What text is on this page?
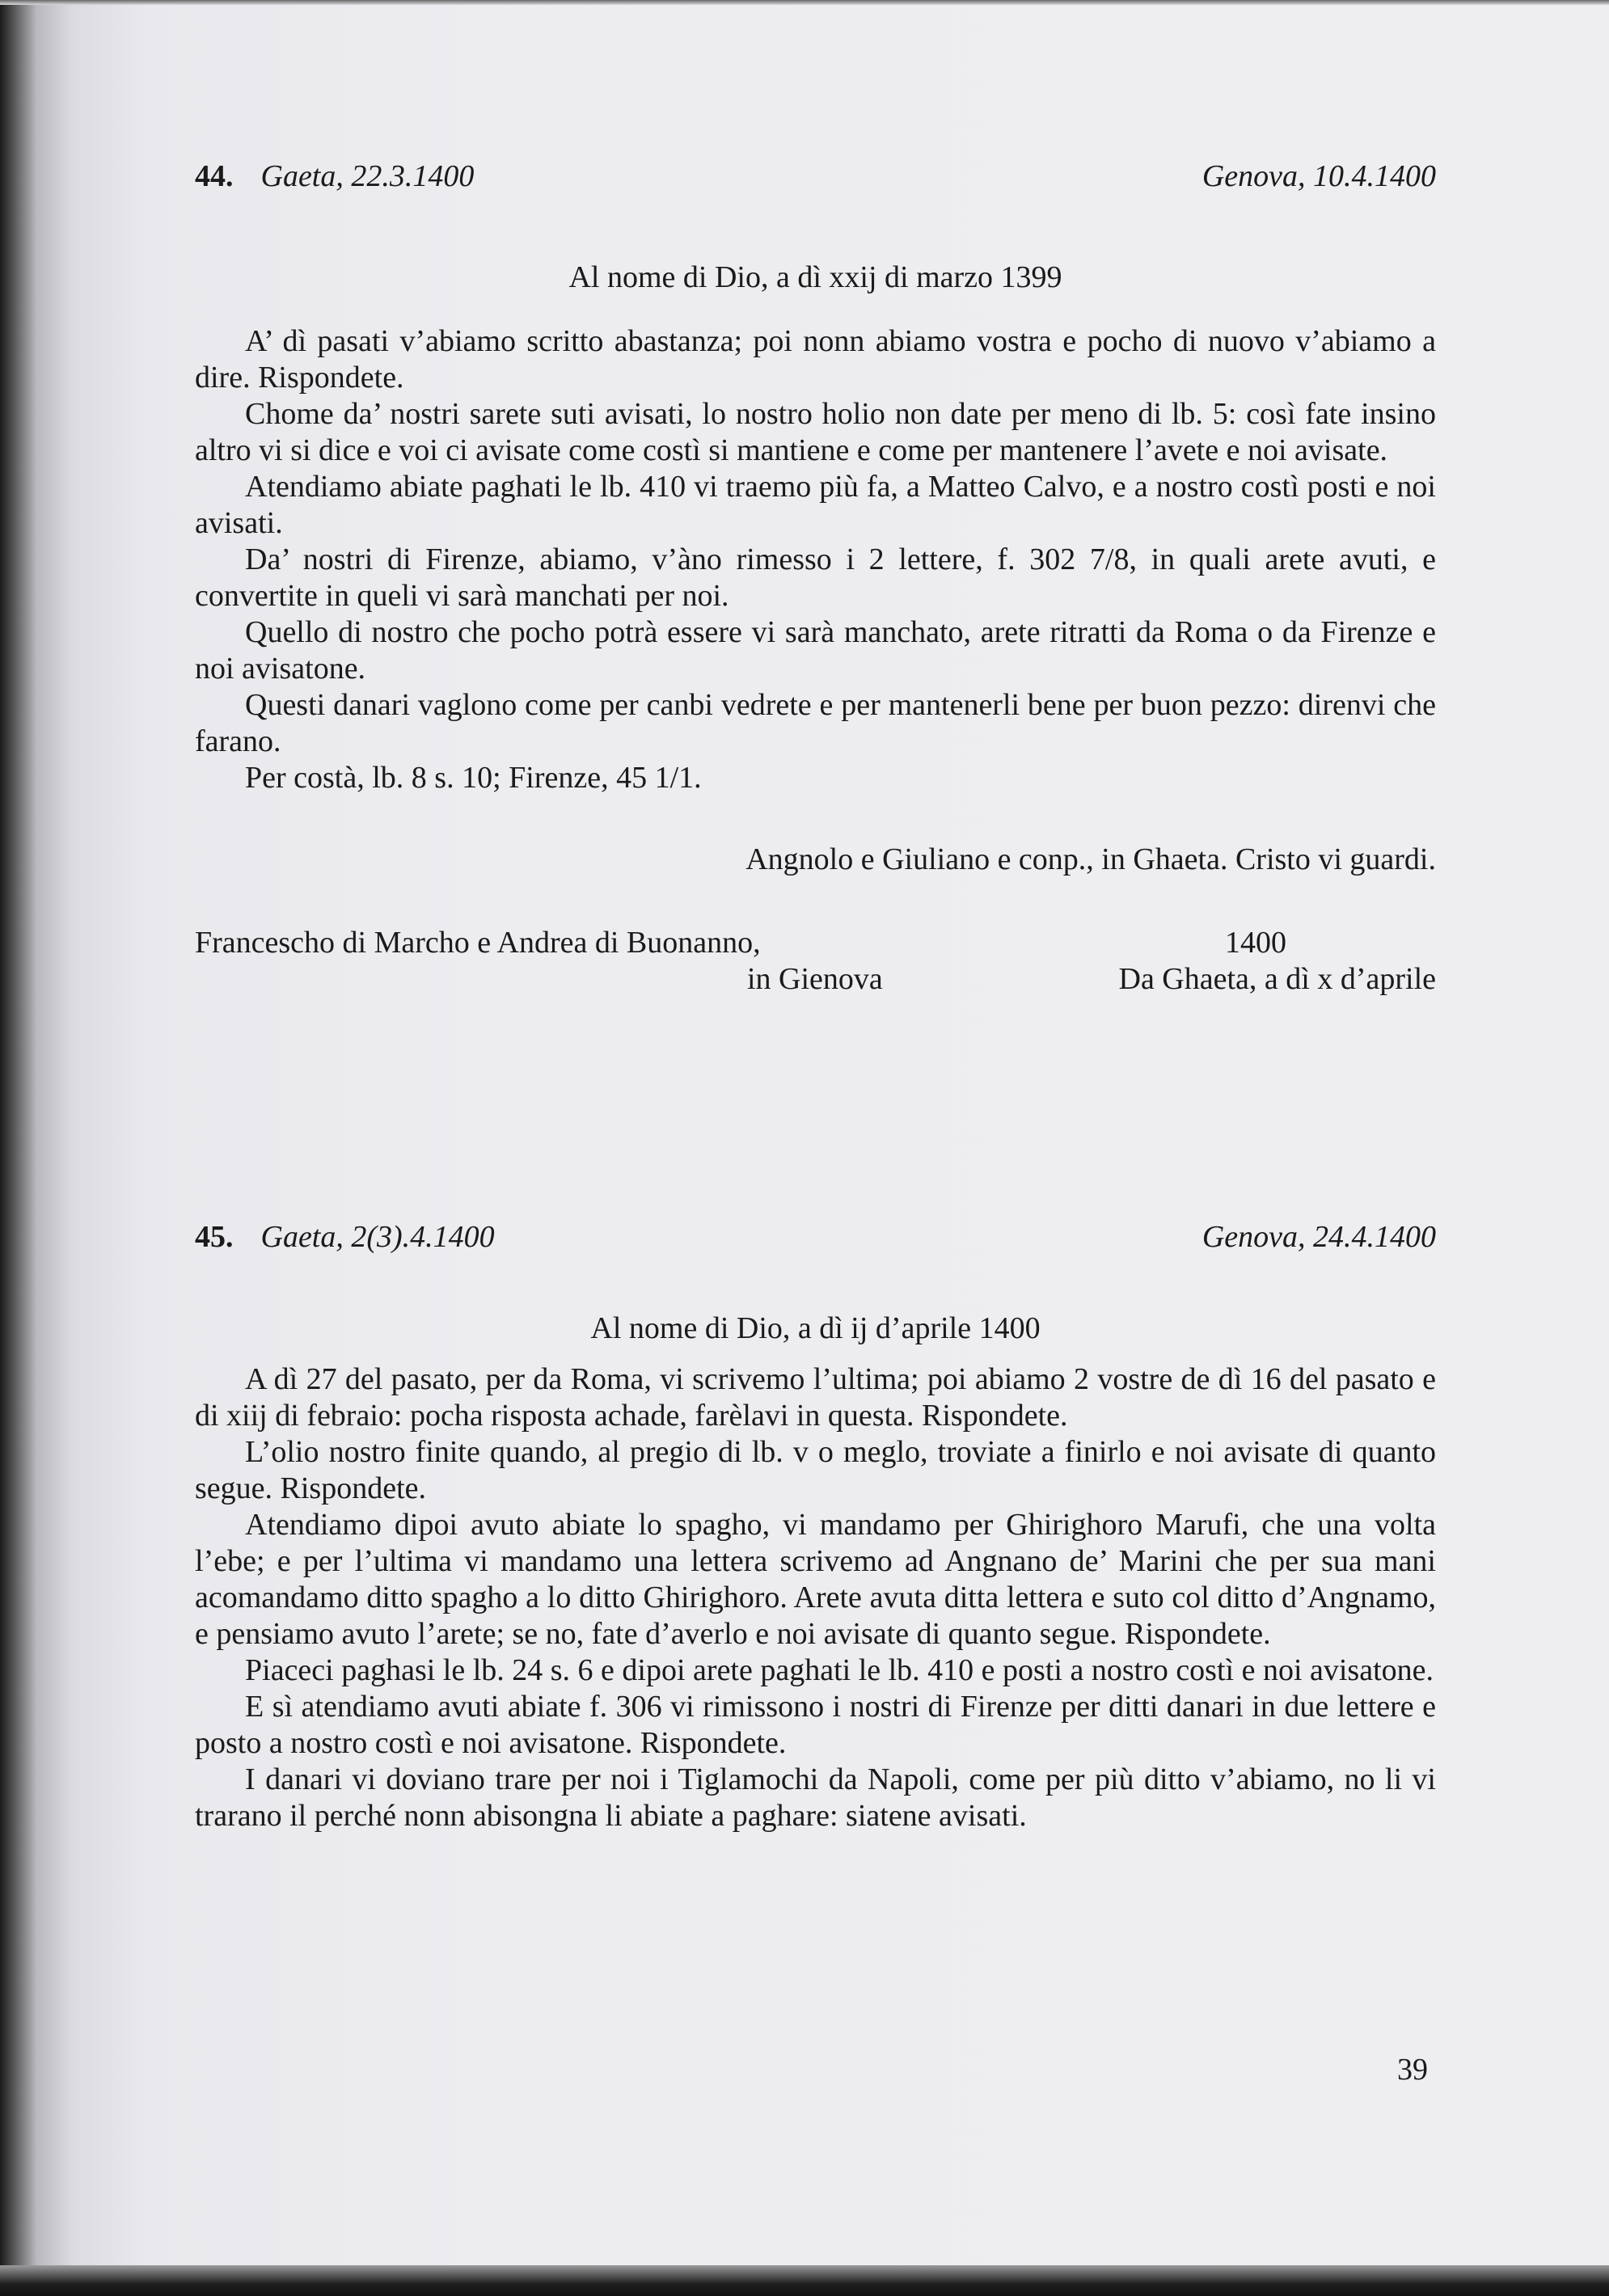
44. Gaeta, 22.3.1400	Genova, 10.4.1400
Al nome di Dio, a dì xxij di marzo 1399

A’ dì pasati v’abiamo scritto abastanza; poi nonn abiamo vostra e pocho di nuovo v’abiamo a dire. Rispondete.

Chome da’ nostri sarete suti avisati, lo nostro holio non date per meno di lb. 5: così fate insino altro vi si dice e voi ci avisate come costì si mantiene e come per mantenere l’avete e noi avisate.

Atendiamo abiate paghati le lb. 410 vi traemo più fa, a Matteo Calvo, e a nostro costì posti e noi avisati.

Da’ nostri di Firenze, abiamo, v’àno rimesso i 2 lettere, f. 302 7/8, in quali arete avuti, e convertite in queli vi sarà manchati per noi.

Quello di nostro che pocho potrà essere vi sarà manchato, arete ritratti da Roma o da Firenze e noi avisatone.

Questi danari vaglono come per canbi vedrete e per mantenerli bene per buon pezzo: direnvi che farano.

Per costà, lb. 8 s. 10; Firenze, 45 1/1.

Angnolo e Giuliano e conp., in Ghaeta. Cristo vi guardi.
Francescho di Marcho e Andrea di Buonanno,	1400
in Gienova	Da Ghaeta, a dì x d’aprile
45. Gaeta, 2(3).4.1400	Genova, 24.4.1400
Al nome di Dio, a dì ij d’aprile 1400

A dì 27 del pasato, per da Roma, vi scrivemo l’ultima; poi abiamo 2 vostre de dì 16 del pasato e di xiij di febraio: pocha risposta achade, farèlavi in questa. Rispondete.

L’olio nostro finite quando, al pregio di lb. v o meglo, troviate a finirlo e noi avisate di quanto segue. Rispondete.

Atendiamo dipoi avuto abiate lo spagho, vi mandamo per Ghirighoro Marufi, che una volta l’ebe; e per l’ultima vi mandamo una lettera scrivemo ad Angnano de’ Marini che per sua mani acomandamo ditto spagho a lo ditto Ghirighoro. Arete avuta ditta lettera e suto col ditto d’Angnamo, e pensiamo avuto l’arete; se no, fate d’averlo e noi avisate di quanto segue. Rispondete.

Piaceci paghasi le lb. 24 s. 6 e dipoi arete paghati le lb. 410 e posti a nostro costì e noi avisatone.

E sì atendiamo avuti abiate f. 306 vi rimissono i nostri di Firenze per ditti danari in due lettere e posto a nostro costì e noi avisatone. Rispondete.

I danari vi doviano trare per noi i Tiglamochi da Napoli, come per più ditto v’abiamo, no li vi trarano il perché nonn abisongna li abiate a paghare: siatene avisati.

39
